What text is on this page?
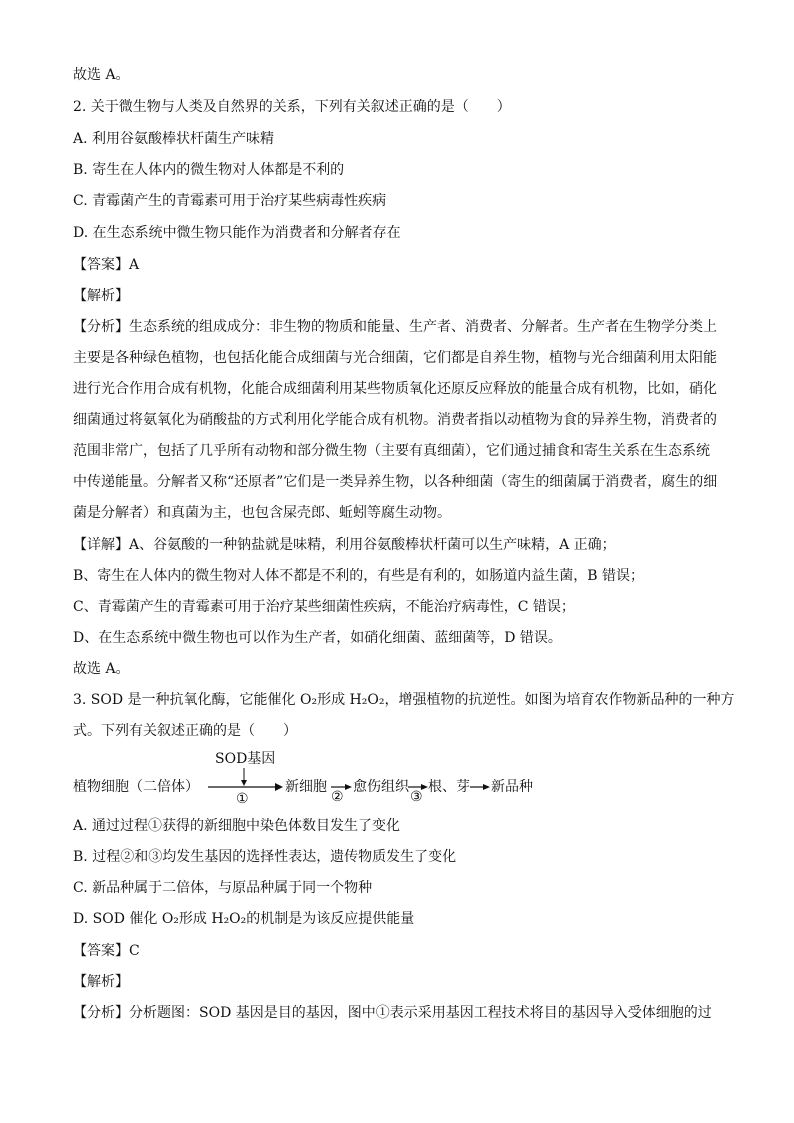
故选 A。
2. 关于微生物与人类及自然界的关系，下列有关叙述正确的是（　　）
A. 利用谷氨酸棒状杆菌生产味精
B. 寄生在人体内的微生物对人体都是不利的
C. 青霉菌产生的青霉素可用于治疗某些病毒性疾病
D. 在生态系统中微生物只能作为消费者和分解者存在
【答案】A
【解析】
【分析】生态系统的组成成分：非生物的物质和能量、生产者、消费者、分解者。生产者在生物学分类上
主要是各种绿色植物，也包括化能合成细菌与光合细菌，它们都是自养生物，植物与光合细菌利用太阳能
进行光合作用合成有机物，化能合成细菌利用某些物质氧化还原反应释放的能量合成有机物，比如，硝化
细菌通过将氨氧化为硝酸盐的方式利用化学能合成有机物。消费者指以动植物为食的异养生物，消费者的
范围非常广，包括了几乎所有动物和部分微生物（主要有真细菌），它们通过捕食和寄生关系在生态系统
中传递能量。分解者又称“还原者”它们是一类异养生物，以各种细菌（寄生的细菌属于消费者，腐生的细
菌是分解者）和真菌为主，也包含屎壳郎、蚯蚓等腐生动物。
【详解】A、谷氨酸的一种钠盐就是味精，利用谷氨酸棒状杆菌可以生产味精，A 正确；
B、寄生在人体内的微生物对人体不都是不利的，有些是有利的，如肠道内益生菌，B 错误；
C、青霉菌产生的青霉素可用于治疗某些细菌性疾病，不能治疗病毒性，C 错误；
D、在生态系统中微生物也可以作为生产者，如硝化细菌、蓝细菌等，D 错误。
故选 A。
3. SOD 是一种抗氧化酶，它能催化 O₂形成 H₂O₂，增强植物的抗逆性。如图为培育农作物新品种的一种方
式。下列有关叙述正确的是（　　）
SOD基因
植物细胞（二倍体）
①
新细胞
②
愈伤组织
③
根、芽 新品种
A. 通过过程①获得的新细胞中染色体数目发生了变化
B. 过程②和③均发生基因的选择性表达，遗传物质发生了变化
C. 新品种属于二倍体，与原品种属于同一个物种
D. SOD 催化 O₂形成 H₂O₂的机制是为该反应提供能量
【答案】C
【解析】
【分析】分析题图：SOD 基因是目的基因，图中①表示采用基因工程技术将目的基因导入受体细胞的过
